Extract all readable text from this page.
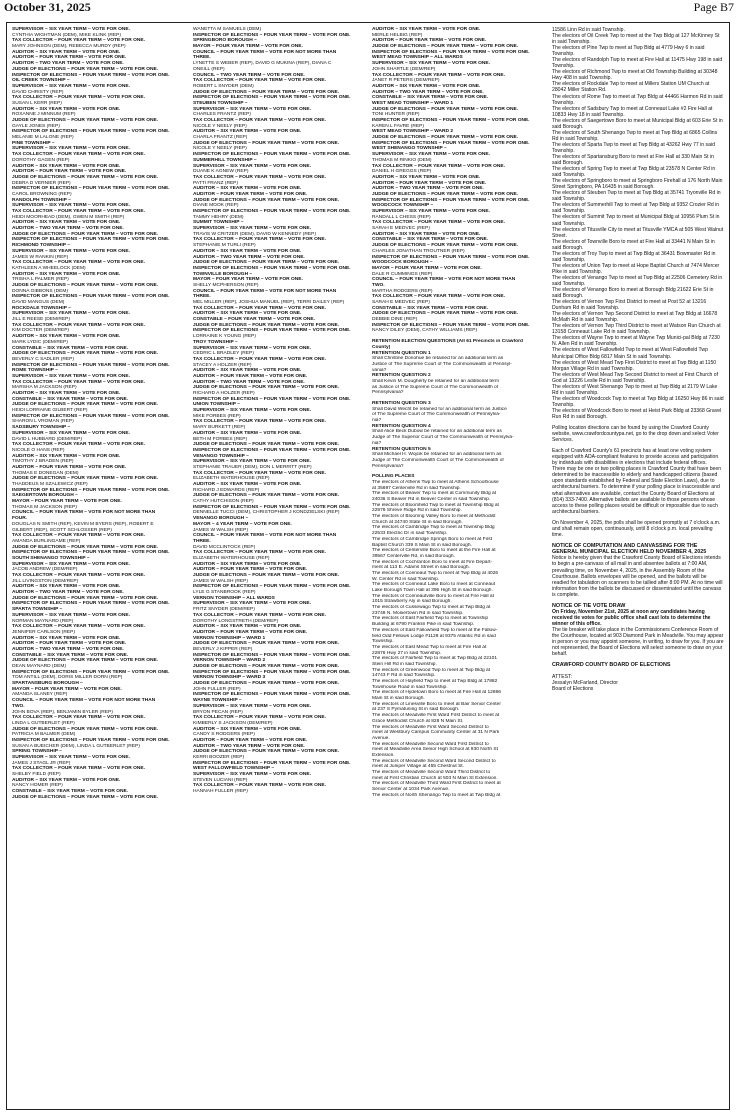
October 31, 2025	Page B7
SUPERVISOR – SIX YEAR TERM – VOTE FOR ONE.
CYNTHIA WIGHTMAN (DEM), MIKE KLINK (REP)
TAX COLLECTOR – FOUR YEAR TERM – VOTE FOR ONE.
MARY JOHNSON (DEM), REBECCA MURDY (REP)
AUDITOR – SIX YEAR TERM – VOTE FOR ONE.
AUDITOR – FOUR YEAR TERM – VOTE FOR ONE.
AUDITOR – TWO YEAR TERM – VOTE FOR ONE.
JUDGE OF ELECTIONS – FOUR YEAR TERM – VOTE FOR ONE.
INSPECTOR OF ELECTIONS – FOUR YEAR TERM – VOTE FOR ONE.
OIL CREEK TOWNSHIP –
SUPERVISOR – SIX YEAR TERM – VOTE FOR ONE.
DAVID CHRISTY (REP)
TAX COLLECTOR – FOUR YEAR TERM – VOTE FOR ONE.
SUSAN L KERR (REP)
AUDITOR – SIX YEAR TERM – VOTE FOR ONE.
ROXANNE J MINNUM (REP)
JUDGE OF ELECTIONS – FOUR YEAR TERM – VOTE FOR ONE.
GAYLE JONES (REP)
INSPECTOR OF ELECTIONS – FOUR YEAR TERM – VOTE FOR ONE.
MELANIE M LALONE (REP)
PINE TOWNSHIP –
SUPERVISOR – SIX YEAR TERM – VOTE FOR ONE.
TAX COLLECTOR – FOUR YEAR TERM – VOTE FOR ONE.
DOROTHY GAGEN (REP)
AUDITOR – SIX YEAR TERM – VOTE FOR ONE.
AUDITOR – FOUR YEAR TERM – VOTE FOR ONE.
JUDGE OF ELECTIONS – FOUR YEAR TERM – VOTE FOR ONE.
DEBRA D VERNIER (REP)
INSPECTOR OF ELECTIONS – FOUR YEAR TERM – VOTE FOR ONE.
CAROL BROWNING (REP)
RANDOLPH TOWNSHIP –
SUPERVISOR – SIX YEAR TERM – VOTE FOR ONE.
TAX COLLECTOR – FOUR YEAR TERM – VOTE FOR ONE.
HEIDI MOORHEAD (DEM), GWEN M SMITH (REP)
AUDITOR – SIX YEAR TERM – VOTE FOR ONE.
AUDITOR – TWO YEAR TERM – VOTE FOR ONE.
JUDGE OF ELECTIONS – FOUR YEAR TERM – VOTE FOR ONE.
INSPECTOR OF ELECTIONS – FOUR YEAR TERM – VOTE FOR ONE.
RICHMOND TOWNSHIP –
SUPERVISOR – SIX YEAR TERM – VOTE FOR ONE.
JAMES W RANKIN (REP)
TAX COLLECTOR – FOUR YEAR TERM – VOTE FOR ONE.
KATHLEEN A WHEELOCK (DEM)
AUDITOR – SIX YEAR TERM – VOTE FOR ONE.
TRISHA L PALMER (REP)
JUDGE OF ELECTIONS – FOUR YEAR TERM – VOTE FOR ONE.
DONNA GIBBONS (DEM)
INSPECTOR OF ELECTIONS – FOUR YEAR TERM – VOTE FOR ONE.
DAVID MANGUS (DEM)
ROCKDALE TOWNSHIP –
SUPERVISOR – SIX YEAR TERM – VOTE FOR ONE.
JILL E REESE (DEM/REP)
TAX COLLECTOR – FOUR YEAR TERM – VOTE FOR ONE.
KIM DOCTER (DEM/REP)
AUDITOR – SIX YEAR TERM – VOTE FOR ONE.
MARK LYDIC (DEM/REP)
CONSTABLE – SIX YEAR TERM – VOTE FOR ONE.
JUDGE OF ELECTIONS – FOUR YEAR TERM – VOTE FOR ONE.
BEVERLY C SADLER (REP)
INSPECTOR OF ELECTIONS – FOUR YEAR TERM – VOTE FOR ONE.
ROME TOWNSHIP –
SUPERVISOR – SIX YEAR TERM – VOTE FOR ONE.
TAX COLLECTOR – FOUR YEAR TERM – VOTE FOR ONE.
MARSHA M JACKSON (REP)
AUDITOR – SIX YEAR TERM – VOTE FOR ONE.
CONSTABLE – SIX YEAR TERM – VOTE FOR ONE.
JUDGE OF ELECTIONS – FOUR YEAR TERM – VOTE FOR ONE.
HEIDI LORRAINE GILBERT (REP)
INSPECTOR OF ELECTIONS – FOUR YEAR TERM – VOTE FOR ONE.
SHARON L VROMAN (REP)
SADSBURY TOWNSHIP –
SUPERVISOR – SIX YEAR TERM – VOTE FOR ONE.
DAVID L HUBBARD (DEM/REP)
TAX COLLECTOR – FOUR YEAR TERM – VOTE FOR ONE.
NICOLE O HANS (REP)
AUDITOR – SIX YEAR TERM – VOTE FOR ONE.
TIMOTHY J BRADEN (REP)
AUDITOR – FOUR YEAR TERM – VOTE FOR ONE.
THOMAS E DONEGAN (DEM)
JUDGE OF ELECTIONS – FOUR YEAR TERM – VOTE FOR ONE.
THADDEUS M SZALEWICZ (REP)
INSPECTOR OF ELECTIONS – FOUR YEAR TERM – VOTE FOR ONE.
SAEGERTOWN BOROUGH –
MAYOR – FOUR YEAR TERM – VOTE FOR ONE.
THOMAS M JACKSON (REP)
COUNCIL – FOUR YEAR TERM – VOTE FOR NOT MORE THAN
FOUR.
DOUGLAS N SMITH (REP), KEVIN M BYERS (REP), ROBERT E
GILBERT (REP), SCOTT SCHLOSSER (REP)
TAX COLLECTOR – FOUR YEAR TERM – VOTE FOR ONE.
AMANDA BURLINGAME (REP)
JUDGE OF ELECTIONS – FOUR YEAR TERM – VOTE FOR ONE.
INSPECTOR OF ELECTIONS – FOUR YEAR TERM – VOTE FOR ONE.
SOUTH SHENANGO TOWNSHIP –
SUPERVISOR – SIX YEAR TERM – VOTE FOR ONE.
JACOB ANDREW (DEM/REP)
TAX COLLECTOR – FOUR YEAR TERM – VOTE FOR ONE.
JILL LIVINGSTON (DEM/REP)
AUDITOR – SIX YEAR TERM – VOTE FOR ONE.
AUDITOR – TWO YEAR TERM – VOTE FOR ONE.
JUDGE OF ELECTIONS – FOUR YEAR TERM – VOTE FOR ONE.
INSPECTOR OF ELECTIONS – FOUR YEAR TERM – VOTE FOR ONE.
SPARTA TOWNSHIP –
SUPERVISOR – SIX YEAR TERM – VOTE FOR ONE.
NORMAN MAYNARD (REP)
TAX COLLECTOR – FOUR YEAR TERM – VOTE FOR ONE.
JENNIFER CARLSON (REP)
AUDITOR – SIX YEAR TERM – VOTE FOR ONE.
AUDITOR – FOUR YEAR TERM – VOTE FOR ONE.
AUDITOR – TWO YEAR TERM – VOTE FOR ONE.
CONSTABLE – SIX YEAR TERM – VOTE FOR ONE.
JUDGE OF ELECTIONS – FOUR YEAR TERM – VOTE FOR ONE.
DEAN MAYNARD (DEM)
INSPECTOR OF ELECTIONS – FOUR YEAR TERM – VOTE FOR ONE.
TOM ANTILL (DEM), DORIS MILLER DORN (REP)
SPARTANSBURG BOROUGH –
MAYOR – FOUR YEAR TERM – VOTE FOR ONE.
AMANDA SLANEY (REP)
COUNCIL – FOUR YEAR TERM – VOTE FOR NOT MORE THAN
TWO.
JOHN BOVA (REP), BENJAMIN BYLER (REP)
TAX COLLECTOR – FOUR YEAR TERM – VOTE FOR ONE.
LINDA L GUTBERLET (REP)
JUDGE OF ELECTIONS – FOUR YEAR TERM – VOTE FOR ONE.
PATRICIA M BALMER (DEM)
INSPECTOR OF ELECTIONS – FOUR YEAR TERM – VOTE FOR ONE.
SUSAN A BUEICHER (DEM), LINDA L GUTBERLET (REP)
SPRING TOWNSHIP –
SUPERVISOR – SIX YEAR TERM – VOTE FOR ONE.
JAMES J STAGL JR (REP)
TAX COLLECTOR – FOUR YEAR TERM – VOTE FOR ONE.
SHELBY FIELD (REP)
AUDITOR – SIX YEAR TERM – VOTE FOR ONE.
NANCY HOMER (REP)
CONSTABLE – SIX YEAR TERM – VOTE FOR ONE.
JUDGE OF ELECTIONS – FOUR YEAR TERM – VOTE FOR ONE.
WANETTA M SAMUELS (DEM)
INSPECTOR OF ELECTIONS – FOUR YEAR TERM – VOTE FOR ONE.
SPRINGBORO BOROUGH –
MAYOR – FOUR YEAR TERM – VOTE FOR ONE.
COUNCIL – FOUR YEAR TERM – VOTE FOR NOT MORE THAN
THREE.
LYNETTE S WEBER (REP), DAVID G MUKINA (REP), DIANA C
ONEILL (REP)
COUNCIL – TWO YEAR TERM – VOTE FOR ONE.
TAX COLLECTOR – FOUR YEAR TERM – VOTE FOR ONE.
ROBERT L SNYDER (DEM)
JUDGE OF ELECTIONS – FOUR YEAR TERM – VOTE FOR ONE.
INSPECTOR OF ELECTIONS – FOUR YEAR TERM – VOTE FOR ONE.
STEUBEN TOWNSHIP –
SUPERVISOR – SIX YEAR TERM – VOTE FOR ONE.
CHARLES FRANTZ (REP)
TAX COLLECTOR – FOUR YEAR TERM – VOTE FOR ONE.
NICOLE Y NEELY (REP)
AUDITOR – SIX YEAR TERM – VOTE FOR ONE.
CHARLA FRANTZ (REP)
JUDGE OF ELECTIONS – FOUR YEAR TERM – VOTE FOR ONE.
NICOLE Y NEELY (REP)
INSPECTOR OF ELECTIONS – FOUR YEAR TERM – VOTE FOR ONE.
SUMMERHILL TOWNSHIP –
SUPERVISOR – SIX YEAR TERM – VOTE FOR ONE.
DUANE K AGNEW (REP)
TAX COLLECTOR – FOUR YEAR TERM – VOTE FOR ONE.
PATTI FRANZ (REP)
AUDITOR – SIX YEAR TERM – VOTE FOR ONE.
AUDITOR – FOUR YEAR TERM – VOTE FOR ONE.
JUDGE OF ELECTIONS – FOUR YEAR TERM – VOTE FOR ONE.
DIANE MOOK (REP)
INSPECTOR OF ELECTIONS – FOUR YEAR TERM – VOTE FOR ONE.
TAMMY HEHRY (DEM)
SUMMIT TOWNSHIP –
SUPERVISOR – SIX YEAR TERM – VOTE FOR ONE.
TRAVIS W CRITZER (DEM), DAVID W KENNEDY (REP)
TAX COLLECTOR – FOUR YEAR TERM – VOTE FOR ONE.
STEPHANIE M TURLI (REP)
AUDITOR – SIX YEAR TERM – VOTE FOR ONE.
AUDITOR – TWO YEAR TERM – VOTE FOR ONE.
JUDGE OF ELECTIONS – FOUR YEAR TERM – VOTE FOR ONE.
INSPECTOR OF ELECTIONS – FOUR YEAR TERM – VOTE FOR ONE.
TOWNVILLE BOROUGH –
MAYOR – FOUR YEAR TERM – VOTE FOR ONE.
SHELLY MCPHERSON (REP)
COUNCIL – FOUR YEAR TERM – VOTE FOR NOT MORE THAN
THREE.
MEL MILLER (REP), JOSHUA MANUEL (REP), TERRI DAILEY (REP)
TAX COLLECTOR – FOUR YEAR TERM – VOTE FOR ONE.
AUDITOR – SIX YEAR TERM – VOTE FOR ONE.
CONSTABLE – FOUR YEAR TERM – VOTE FOR ONE.
JUDGE OF ELECTIONS – FOUR YEAR TERM – VOTE FOR ONE.
INSPECTOR OF ELECTIONS – FOUR YEAR TERM – VOTE FOR ONE.
LORRAINE K YOUNG (REP)
TROY TOWNSHIP –
SUPERVISOR – SIX YEAR TERM – VOTE FOR ONE.
CEDRIC L BRADLEY (REP)
TAX COLLECTOR – FOUR YEAR TERM – VOTE FOR ONE.
STACEY A HOLZER (REP)
AUDITOR – SIX YEAR TERM – VOTE FOR ONE.
AUDITOR – FOUR YEAR TERM – VOTE FOR ONE.
AUDITOR – TWO YEAR TERM – VOTE FOR ONE.
JUDGE OF ELECTIONS – FOUR YEAR TERM – VOTE FOR ONE.
RICHARD A HOLZER (REP)
INSPECTOR OF ELECTIONS – FOUR YEAR TERM – VOTE FOR ONE.
UNION TOWNSHIP –
SUPERVISOR – SIX YEAR TERM – VOTE FOR ONE.
MIKE FORBES (REP)
TAX COLLECTOR – FOUR YEAR TERM – VOTE FOR ONE.
MARY BURKETT (REP)
AUDITOR – SIX YEAR TERM – VOTE FOR ONE.
BETH M FORBES (REP)
JUDGE OF ELECTIONS – FOUR YEAR TERM – VOTE FOR ONE.
INSPECTOR OF ELECTIONS – FOUR YEAR TERM – VOTE FOR ONE.
VENANGO TOWNSHIP –
SUPERVISOR – SIX YEAR TERM – VOTE FOR ONE.
STEPHANIE TRAUER (DEM), DON L MERRITT (REP)
TAX COLLECTOR – FOUR YEAR TERM – VOTE FOR ONE.
ELIZABETH WATERHOUSE (REP)
AUDITOR – SIX YEAR TERM – VOTE FOR ONE.
RICHARD J EDWARDS (REP)
JUDGE OF ELECTIONS – FOUR YEAR TERM – VOTE FOR ONE.
CATHY HUTCHISON (REP)
INSPECTOR OF ELECTIONS – FOUR YEAR TERM – VOTE FOR ONE.
DENNELLE TUCCI (DEM), CHRISTOPHER J KONDZIELSKI (REP)
VENANGO BOROUGH –
MAYOR – 4 YEAR TERM – VOTE FOR ONE.
JAMES W WALSH (REP)
COUNCIL – FOUR YEAR TERM – VOTE FOR NOT MORE THAN
THREE.
DAVID MCCLINTOCK (REP)
TAX COLLECTOR – FOUR YEAR TERM – VOTE FOR ONE.
ELIZABETH WATERHOUSE (REP)
AUDITOR – SIX YEAR TERM – VOTE FOR ONE.
AUDITOR – FOUR YEAR TERM – VOTE FOR ONE.
JUDGE OF ELECTIONS – FOUR YEAR TERM – VOTE FOR ONE.
JAMES W WALSH (REP)
INSPECTOR OF ELECTIONS – FOUR YEAR TERM – VOTE FOR ONE.
LYLE G STANBROOK (REP)
VERNON TOWNSHIP – ALL WARDS
SUPERVISOR – SIX YEAR TERM – VOTE FOR ONE.
FRITZ SNYDER (DEM/REP)
TAX COLLECTOR – FOUR YEAR TERM – VOTE FOR ONE.
DOROTHY LONGSTRETH (DEM/REP)
AUDITOR – SIX YEAR TERM – VOTE FOR ONE.
AUDITOR – FOUR YEAR TERM – VOTE FOR ONE.
VERNON TOWNSHIP – WARD 1
JUDGE OF ELECTIONS – FOUR YEAR TERM – VOTE FOR ONE.
BEVERLY J KIPPER (REP)
INSPECTOR OF ELECTIONS – FOUR YEAR TERM – VOTE FOR ONE.
VERNON TOWNSHIP – WARD 2
JUDGE OF ELECTIONS – FOUR YEAR TERM – VOTE FOR ONE.
INSPECTOR OF ELECTIONS – FOUR YEAR TERM – VOTE FOR ONE.
VERNON TOWNSHIP – WARD 3
JUDGE OF ELECTIONS – FOUR YEAR TERM – VOTE FOR ONE.
JOHN FULLER (REP)
INSPECTOR OF ELECTIONS – FOUR YEAR TERM – VOTE FOR ONE.
WAYNE TOWNSHIP –
SUPERVISOR – SIX YEAR TERM – VOTE FOR ONE.
BRYON PECAN (REP)
TAX COLLECTOR – FOUR YEAR TERM – VOTE FOR ONE.
KIMBERLY S JACKSON (DEM/REP)
AUDITOR – SIX YEAR TERM – VOTE FOR ONE.
CANDY S RODGERS (REP)
AUDITOR – FOUR YEAR TERM – VOTE FOR ONE.
AUDITOR – TWO YEAR TERM – VOTE FOR ONE.
JUDGE OF ELECTIONS – FOUR YEAR TERM – VOTE FOR ONE.
KERRI BOOZER (REP)
INSPECTOR OF ELECTIONS – FOUR YEAR TERM – VOTE FOR ONE.
WEST FALLOWFIELD TOWNSHIP –
SUPERVISOR – SIX YEAR TERM – VOTE FOR ONE.
STEVEN LUCIANI (REP)
TAX COLLECTOR – FOUR YEAR TERM – VOTE FOR ONE.
HANNAH FULLER (REP)
AUDITOR – SIX YEAR TERM – VOTE FOR ONE.
MERLE HELBIG (REP)
AUDITOR – FOUR YEAR TERM – VOTE FOR ONE.
JUDGE OF ELECTIONS – FOUR YEAR TERM – VOTE FOR ONE.
INSPECTOR OF ELECTIONS – FOUR YEAR TERM – VOTE FOR ONE.
WEST MEAD TOWNSHIP – ALL WARDS
SUPERVISOR – SIX YEAR TERM – VOTE FOR ONE.
JOHN SHARTLE (DEM/REP)
TAX COLLECTOR – FOUR YEAR TERM – VOTE FOR ONE.
JANET R PETERS (DEM/REP)
AUDITOR – SIX YEAR TERM – VOTE FOR ONE.
AUDITOR – TWO YEAR TERM – VOTE FOR ONE.
CONSTABLE – SIX YEAR TERM – VOTE FOR ONE.
WEST MEAD TOWNSHIP – WARD 1
JUDGE OF ELECTIONS – FOUR YEAR TERM – VOTE FOR ONE.
TONI HUNTER (REP)
INSPECTOR OF ELECTIONS – FOUR YEAR TERM – VOTE FOR ONE.
KAREN L FAVRE (REP)
WEST MEAD TOWNSHIP – WARD 2
JUDGE OF ELECTIONS – FOUR YEAR TERM – VOTE FOR ONE.
INSPECTOR OF ELECTIONS – FOUR YEAR TERM – VOTE FOR ONE.
WEST SHENANGO TOWNSHIP –
SUPERVISOR – SIX YEAR TERM – VOTE FOR ONE.
THOMAS M RINKIO (DEM)
TAX COLLECTOR – FOUR YEAR TERM – VOTE FOR ONE.
DANIEL H GREGGS (REP)
AUDITOR – SIX YEAR TERM – VOTE FOR ONE.
AUDITOR – FOUR YEAR TERM – VOTE FOR ONE.
AUDITOR – TWO YEAR TERM – VOTE FOR ONE.
JUDGE OF ELECTIONS – FOUR YEAR TERM – VOTE FOR ONE.
INSPECTOR OF ELECTIONS – FOUR YEAR TERM – VOTE FOR ONE.
WOODCOCK TOWNSHIP –
SUPERVISOR – SIX YEAR TERM – VOTE FOR ONE.
RANDALL L CHESS (REP)
TAX COLLECTOR – FOUR YEAR TERM – VOTE FOR ONE.
SARAH E MEDVEC (REP)
AUDITOR – SIX YEAR TERM – VOTE FOR ONE.
CONSTABLE – SIX YEAR TERM – VOTE FOR ONE.
JUDGE OF ELECTIONS – FOUR YEAR TERM – VOTE FOR ONE.
CHARLES JONATHAN TROUTNER (REP)
INSPECTOR OF ELECTIONS – FOUR YEAR TERM – VOTE FOR ONE.
WOODCOCK BOROUGH –
MAYOR – FOUR YEAR TERM – VOTE FOR ONE.
DALE R CUMMINGS (REP)
COUNCIL – FOUR YEAR TERM – VOTE FOR NOT MORE THAN
TWO.
MARTHA RODGERS (REP)
TAX COLLECTOR – FOUR YEAR TERM – VOTE FOR ONE.
SARAH E MEDVEC (REP)
CONSTABLE – SIX YEAR TERM – VOTE FOR ONE.
JUDGE OF ELECTIONS – FOUR YEAR TERM – VOTE FOR ONE.
DEBBIE DINE (REP)
INSPECTOR OF ELECTIONS – FOUR YEAR TERM – VOTE FOR ONE.
NANCY DILEY (DEM), CATHY WILLIAMS (REP)
RETENTION ELECTION QUESTIONS (All 61 Precincts in Crawford
County)
RETENTION QUESTION 1
Shall Christine Donohue be retained for an additional term as
Justice of The Supreme Court of The Commonwealth of Pennsyl-
vania?
RETENTION QUESTION 2
Shall Kevin M. Dougherty be retained for an additional term
as Justice of The Supreme Court of The Commonwealth of
Pennsylvania?
RETENTION QUESTION 3
Shall David Wecht be retained for an additional term as Justice
of The Supreme Court of The Commonwealth of Pennsylva-
nia?
RETENTION QUESTION 4
Shall Alice Beck Dubow be retained for an additional term as
Judge of The Superior Court of The Commonwealth of Pennsylva-
nia?
RETENTION QUESTION 5
Shall Michael H. Wojcik be retained for an additional term as
Judge of The Commonwealth Court of The Commonwealth of
Pennsylvania?
POLLING PLACES
The electors of Athens Twp to meet at Athens Schoolhouse
at 35697 Centerville Rd in said Township.
The electors of Beaver Twp to meet at Community Bldg at
24036 S Beaver Rd in Beaver Center in said Township.
The electors of Bloomfield Twp to meet at Township Bldg at
22978 Shreve Ridge Rd in said Township.
The electors of Bloomng Valley Boro to meet at Methodist
Church at 24740 State St in said Borough.
The electors of Cambridge Twp to meet at Township Bldg
22533 Electric Dr in said Township.
The electors of Cambridge Springs Boro to meet at First
Baptist Church 339 S Main St in said Borough.
The electors of Centerville Boro to meet at the Fire Hall at
39567 Centerville Rd, in said Borough.
The electors of Cochranton Boro to meet at Fire Depart-
ment at 113 E. Adams Street in said Borough.
The electors of Conneaut Twp to meet at Twp Bldg at 4026
W. Center Rd in said Township.
The electors of Conneaut Lake Boro to meet at Conneaut
Lake Borough Town Hall at 395 High St in said Borough.
The electors of Conneautville Boro to meet at Fire Hall at
1015 Strawberry Aly in said Borough.
The electors of Cussewago Twp to meet at Twp Bldg at
23748 N. Mosiertown Rd in said Township.
The electors of East Fairfield Twp to meet at Township
Building at 6790 Franklin Pike in said Township.
The electors of East Fallowfield Twp to meet at the Fallow-
field Odd Fellows Lodge #1128 at 9375 Atlantic Rd in said
Township.
The electors of East Mead Twp to meet at Fire Hall at
22876 Hwy 27 in said Township.
The electors of Fairfield Twp to meet at Twp Bldg at 22101
Stein Hill Rd in said Township.
The electors of Greenwood Twp to meet at Twp Bldg at
14743 F Rd in said Township.
The electors of Hayfield Twp to meet at Twp Bldg at 17882
Townhouse Road in said Township.
The electors of Hydetown Boro to meet at Fire Hall at 12866
Main St in said Borough.
The electors of Linesville Boro to meet at Bair Senior Center
at 237 S Pymatuning St in said Borough.
The electors of Meadville First Ward First District to meet at
Grace Methodist Church at 828 N Main St.
The electors of Meadville First Ward Second District to
meet at Westbury Campus Community Center at 31 N Park
Avenue.
The electors of Meadville Second Ward First District to
meet at Meadville Area Senior High School at 930 North St
Extension.
The electors of Meadville Second Ward Second District to
meet at Juniper Village at 455 Chestnut St.
The electors of Meadville Second Ward Third District to
meet at First Christian Church at 503 N Main St Extension.
The electors of Meadville Third Ward First District to meet at
Senior Center at 1034 Park Avenue.
The electors of North Shenango Twp to meet at Twp Bldg at
11586 Linn Rd in said Township.
The electors of Oil Creek Twp to meet at the Twp Bldg at 127 McKinney St in said Township.
The electors of Pine Twp to meet at Twp Bldg at 4779 Hwy 6 in said Township.
The electors of Randolph Twp to meet at Fire Hall at 11475 Hwy 198 in said Township.
The electors of Richmond Twp to meet at Old Township Building at 30348 Hwy 408 in said Township.
The electors of Rockdale Twp to meet at Millers Station UM Church at 28042 Miller Station Rd.
The electors of Rome Twp to meet at Twp Bldg at 44466 Harmon Rd in said Township.
The electors of Sadsbury Twp to meet at Conneaut Lake #2 Fire Hall at 10833 Hwy 18 in said Township.
The electors of Saegertown Boro to meet at Municipal Bldg at 603 Erie St in said Borough.
The electors of South Shenango Twp to meet at Twp Bldg at 6865 Collins Rd in said Township.
The electors of Sparta Twp to meet at Twp Bldg at 43262 Hwy 77 in said Township.
The electors of Spartansburg Boro to meet at Fire Hall at 330 Main St in said Borough.
The electors of Spring Twp to meet at Twp Bldg at 23578 N Center Rd in said Township.
The electors of Springboro to meet at Springboro Firehall at 176 North Main Street Springboro, PA 16435 in said Borough.
The electors of Steuben Twp to meet at Twp Bldg at 35741 Tryonville Rd in said Township.
The electors of Summerhill Twp to meet at Twp Bldg at 9352 Crozier Rd in said Township.
The electors of Summit Twp to meet at Municipal Bldg at 10956 Plum St in said Township.
The electors of Titusville City to meet at Titusville YMCA at 505 West Walnut Street.
The electors of Townville Boro to meet at Fire Hall at 33441 N Main St in said Borough.
The electors of Troy Twp to meet at Twp Bldg at 36431 Bowmaster Rd in said Township.
The electors of Union Twp to meet at Hope Baptist Church at 7474 Mercer Pike in said Township.
The electors of Venango Twp to meet at Twp Bldg at 22506 Cemetery Rd in said Township.
The electors of Venango Boro to meet at Borough Bldg 21622 Erie St in said Borough.
The electors of Vernon Twp First District to meet at Post 52 at 13216 Dunham Rd in said Township.
The electors of Vernon Twp Second District to meet at Twp Bldg at 16678 McMath Rd in said Township.
The electors of Vernon Twp Third District to meet at Watson Run Church at 13158 Conneaut Lake Rd in said Township.
The electors of Wayne Twp to meet at Wayne Twp Munici-pal Bldg at 7230 N. Allen Rd in said Township.
The electors of West Fallowfield Twp to meet at West Fallowfield Twp Municipal Office Bldg 6817 Main St in said Township.
The electors of West Mead Twp First District to meet at Twp Bldg at 1150 Morgan Village Rd in said Township.
The electors of West Mead Twp Second District to meet at First Church of God at 13226 Leslie Rd in said Township.
The electors of West Shenango Twp to meet at Twp Bldg at 2179 W Lake Rd in said Township.
The electors of Woodcock Twp to meet at Twp Bldg at 16250 Hwy 86 in said Township.
The electors of Woodcock Boro to meet at Heist Park Bldg at 23368 Gravel Run Rd in said Borough.
Polling location directions can be found by using the Crawford County website, www.crawfordcountypa.net, go to the drop down and select Voter Services.
Each of Crawford County's 61 precincts has at least one voting system equipped with ADA-compliant features to provide access and participation by individuals with disabilities in elections that include federal offices.
There may be one or two polling places in Crawford County that have been determined to be inaccessible to elderly and handicapped citizens (based upon standards established by Federal and State Election Laws), due to architectural barriers. To determine if your polling place is inaccessible and what alternatives are available, contact the County Board of Elections at (814) 333-7400. Alternative ballots are available to those persons whose access to these polling places would be difficult or impossible due to such architectural barriers.
On November 4, 2025, the polls shall be opened promptly at 7 o'clock a.m. and shall remain open, continuously, until 8 o'clock p.m. local prevailing time.
NOTICE OF COMPUTATION AND CANVASSING FOR THE GENERAL MUNICIPAL ELECTION HELD NOVEMBER 4, 2025
Notice is hereby given that the Crawford County Board of Elections intends to begin a pre-canvass of all mail in and absentee ballots at 7:00 AM, prevailing time, on November 4, 2025, in the Assembly Room of the Courthouse. Ballots envelopes will be opened, and the ballots will be readied for tabulation on scanners to be tallied after 8:00 PM. At no time will information from the ballots be discussed or disseminated until the canvass is complete.
NOTICE OF TIE VOTE DRAW
On Friday, November 21st, 2025 at noon any candidates having received tie votes for public office shall cast lots to determine the winner of this office.
The tie breaker will take place in the Commissioners Conference Room of the Courthouse, located at 903 Diamond Park in Meadville. You may appear in person or you may appoint someone, in writing, to draw for you. If you are not represented, the Board of Elections will select someone to draw on your behalf.
CRAWFORD COUNTY BOARD OF ELECTIONS
ATTEST:
Jessalyn McFarland, Director
Board of Elections
